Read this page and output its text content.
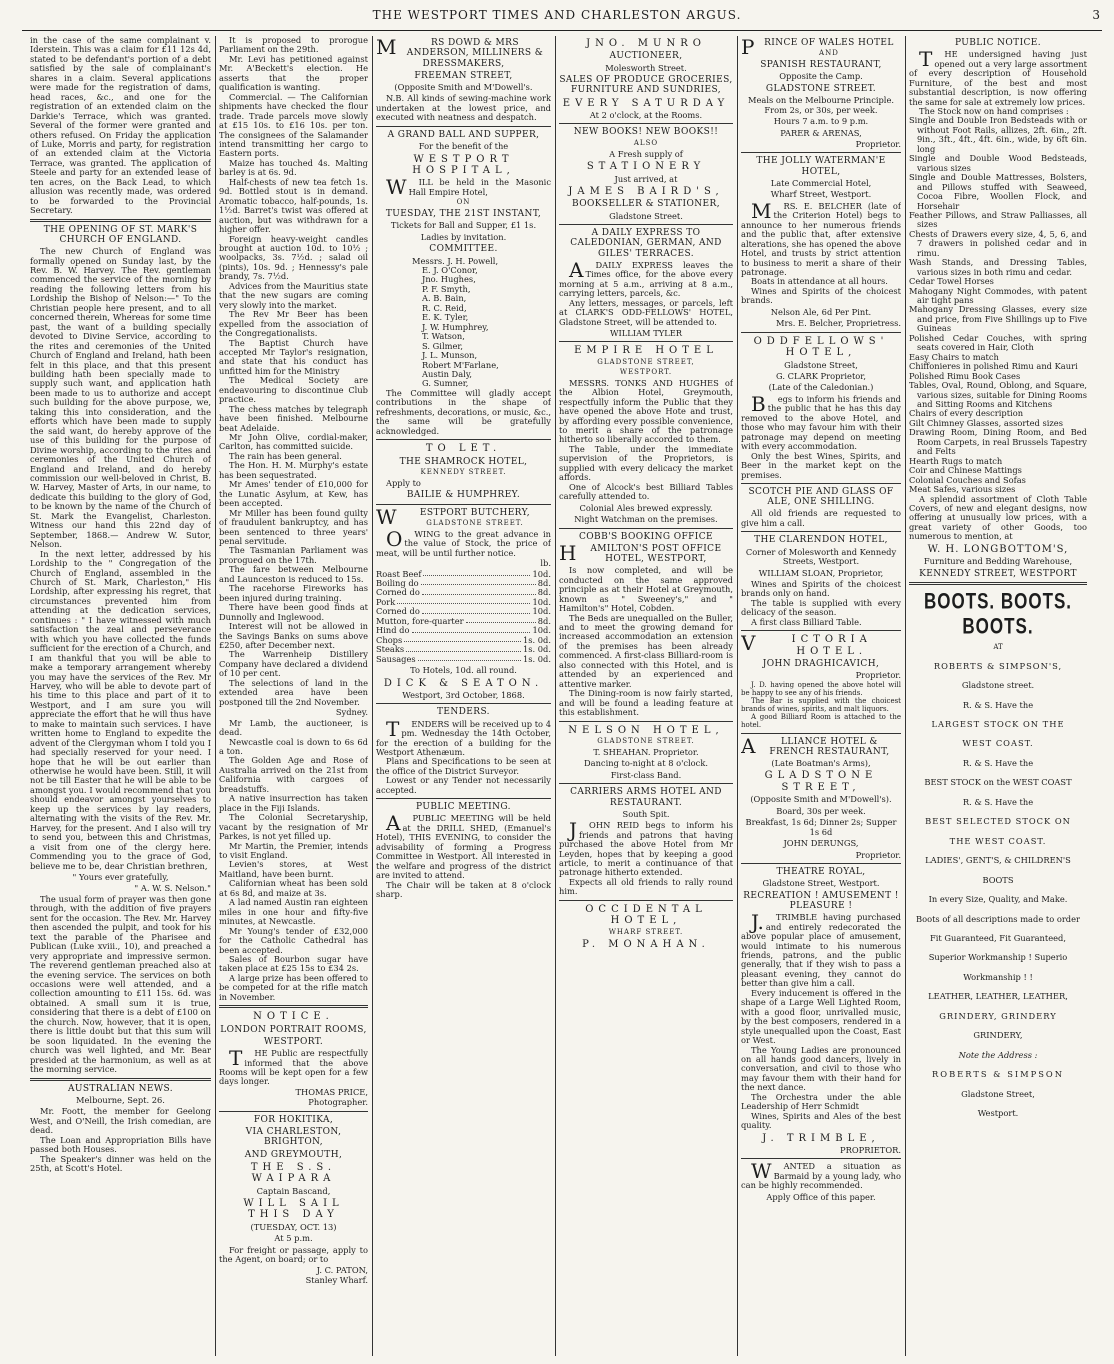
THE WESTPORT TIMES AND CHARLESTON ARGUS.	3

in the case of the same complainant v. Iderstein. This was a claim for £11 12s 4d, stated to be defendant's portion of a debt satisfied by the sale of complainant's shares in a claim. Several applications were made for the registration of dams, head races, &c., and one for the registration of an extended claim on the Darkie's Terrace, which was granted. Several of the former were granted and others refused. On Friday the application of Luke, Morris and party, for registration of an extended claim at the Victoria Terrace, was granted. The application of Steele and party for an extended lease of ten acres, on the Back Lead, to which allusion was recently made, was ordered to be forwarded to the Provincial Secretary.

THE OPENING OF ST. MARK'S CHURCH OF ENGLAND.

The new Church of England was formally opened on Sunday last, by the Rev. B. W. Harvey. The Rev. gentleman commenced the service of the morning by reading the following letters from his Lordship the Bishop of Nelson:—" To the Christian people here present, and to all concerned therein, Whereas for some time past, the want of a building specially devoted to Divine Service, according to the rites and ceremonies of the United Church of England and Ireland, hath been felt in this place, and that this present building hath been specially made to supply such want, and application hath been made to us to authorize and accept such building for the above purpose, we, taking this into consideration, and the efforts which have been made to supply the said want, do hereby approve of the use of this building for the purpose of Divine worship, according to the rites and ceremonies of the United Church of England and Ireland, and do hereby commission our well-beloved in Christ, B. W. Harvey, Master of Arts, in our name, to dedicate this building to the glory of God, to be known by the name of the Church of St. Mark the Evangelist, Charleston. Witness our hand this 22nd day of September, 1868.— Andrew W. Sutor, Nelson.

In the next letter, addressed by his Lordship to the " Congregation of the Church of England, assembled in the Church of St. Mark, Charleston," His Lordship, after expressing his regret, that circumstances prevented him from attending at the dedication services, continues : " I have witnessed with much satisfaction the zeal and perseverance with which you have collected the funds sufficient for the erection of a Church, and I am thankful that you will be able to make a temporary arrangement whereby you may have the services of the Rev. Mr Harvey, who will be able to devote part of his time to this place and part of it to Westport, and I am sure you will appreciate the effort that he will thus have to make to maintain such services. I have written home to England to expedite the advent of the Clergyman whom I told you I had specially reserved for your need. I hope that he will be out earlier than otherwise he would have been. Still, it will not be till Easter that he will be able to be amongst you. I would recommend that you should endeavor amongst yourselves to keep up the services by lay readers, alternating with the visits of the Rev. Mr. Harvey, for the present. And I also will try to send you, between this and Christmas, a visit from one of the clergy here. Commending you to the grace of God, believe me to be, dear Christian brethren,

" Yours ever gratefully,
" A. W. S. Nelson."

The usual form of prayer was then gone through, with the addition of five prayers sent for the occasion. The Rev. Mr. Harvey then ascended the pulpit, and took for his text the parable of the Pharisee and Publican (Luke xviii., 10), and preached a very appropriate and impressive sermon. The reverend gentleman preached also at the evening service. The services on both occasions were well attended, and a collection amounting to £11 15s. 6d. was obtained. A small sum it is true, considering that there is a debt of £100 on the church. Now, however, that it is open, there is little doubt but that this sum will be soon liquidated. In the evening the church was well lighted, and Mr. Bear presided at the harmonium, as well as at the morning service.

AUSTRALIAN NEWS.
Melbourne, Sept. 26.

Mr. Foott, the member for Geelong West, and O'Neill, the Irish comedian, are dead.

The Loan and Appropriation Bills have passed both Houses.

The Speaker's dinner was held on the 25th, at Scott's Hotel.

It is proposed to prorogue Parliament on the 29th.

Mr. Levi has petitioned against Mr. A'Beckett's election. He asserts that the proper qualification is wanting.

Commercial. — The Californian shipments have checked the flour trade. Trade parcels move slowly at £15 10s. to £16 10s. per ton. The consignees of the Salamander intend transmitting her cargo to Eastern ports.

Maize has touched 4s. Malting barley is at 6s. 9d.

Half-chests of new tea fetch 1s. 9d. Bottled stout is in demand. Aromatic tobacco, half-pounds, 1s. 1½d. Barret's twist was offered at auction, but was withdrawn for a higher offer.

Foreign heavy-weight candles brought at auction 10d. to 10½ ; woolpacks, 3s. 7½d. ; salad oil (pints), 10s. 9d. ; Hennessy's pale brandy, 7s. 7½d.

Advices from the Mauritius state that the new sugars are coming very slowly into the market.

The Rev Mr Beer has been expelled from the association of the Congregationalists.

The Baptist Church have accepted Mr Taylor's resignation, and state that his conduct has unfitted him for the Ministry

The Medical Society are endeavouring to discontinue Club practice.

The chess matches by telegraph have been finished. Melbourne beat Adelaide.

Mr John Olive, cordial-maker, Carlton, has committed suicide.

The rain has been general.

The Hon. H. M. Murphy's estate has been sequestrated.

Mr Ames' tender of £10,000 for the Lunatic Asylum, at Kew, has been accepted.

Mr Miller has been found guilty of fraudulent bankruptcy, and has been sentenced to three years' penal servitude.

The Tasmanian Parliament was prorogued on the 17th.

The fare between Melbourne and Launceston is reduced to 15s.

The racehorse Fireworks has been injured during training.

There have been good finds at Dunnolly and Inglewood.

Interest will not be allowed in the Savings Banks on sums above £250, after December next.

The Warrenheip Distillery Company have declared a dividend of 10 per cent.

The selections of land in the extended area have been postponed till the 2nd November.

Sydney.

Mr Lamb, the auctioneer, is dead.

Newcastle coal is down to 6s 6d a ton.

The Golden Age and Rose of Australia arrived on the 21st from California with cargoes of breadstuffs.

A native insurrection has taken place in the Fiji Islands.

The Colonial Secretaryship, vacant by the resignation of Mr Parkes, is not yet filled up.

Mr Martin, the Premier, intends to visit England.

Levien's stores, at West Maitland, have been burnt.

Californian wheat has been sold at 6s 8d, and maize at 3s.

A lad named Austin ran eighteen miles in one hour and fifty-five minutes, at Newcastle.

Mr Young's tender of £32,000 for the Catholic Cathedral has been accepted.

Sales of Bourbon sugar have taken place at £25 15s to £34 2s.

A large prize has been offered to be competed for at the rifle match in November.

NOTICE.
LONDON PORTRAIT ROOMS,
WESTPORT.

THE Public are respectfully informed that the above Rooms will be kept open for a few days longer.

THOMAS PRICE,
Photographer.
FOR HOKITIKA,
VIA CHARLESTON, BRIGHTON,
AND GREYMOUTH,
THE S.S. WAIPARA
Captain Bascand,
WILL SAIL THIS DAY
(TUESDAY, OCT. 13)
At 5 p.m.

For freight or passage, apply to the Agent, on board; or to

J. C. PATON,
Stanley Wharf.
MRS DOWD & MRS ANDERSON, MILLINERS & DRESSMAKERS,
FREEMAN STREET,
(Opposite Smith and M'Dowell's.

N.B. All kinds of sewing-machine work undertaken at the lowest price, and executed with neatness and despatch.

A GRAND BALL AND SUPPER,
For the benefit of the
WESTPORT HOSPITAL,

WILL be held in the Masonic Hall Empire Hotel,

ON
TUESDAY, THE 21ST INSTANT,
Tickets for Ball and Supper, £1 1s.
Ladies by invitation.
COMMITTEE.
Messrs. J. H. Powell,
E. J. O'Conor,
Jno. Hughes,
P. F. Smyth,
A. B. Bain,
R. C. Reid,
E. K. Tyler,
J. W. Humphrey,
T. Watson,
S. Gilmer,
J. L. Munson,
Robert M'Farlane,
Austin Daly,
G. Sumner,

The Committee will gladly accept contributions in the shape of refreshments, decorations, or music, &c., the same will be gratefully acknowledged.

TO LET.
THE SHAMROCK HOTEL,
KENNEDY STREET.

Apply to

BAILIE & HUMPHREY.
WESTPORT BUTCHERY,
GLADSTONE STREET.

OWING to the great advance in the value of Stock, the price of meat, will be until further notice.

lb.
Roast Beef	10d.
Boiling do	8d.
Corned do	8d.
Pork	10d.
Corned do	10d.
Mutton, fore-quarter	8d.
Hind do	10d.
Chops	1s. 0d.
Steaks	1s. 0d.
Sausages	1s. 0d.
To Hotels, 10d. all round.
DICK & SEATON.
Westport, 3rd October, 1868.
TENDERS.

TENDERS will be received up to 4 pm. Wednesday the 14th October, for the erection of a building for the Westport Athenæum.

Plans and Specifications to be seen at the office of the District Surveyor.

Lowest or any Tender not necessarily accepted.

PUBLIC MEETING.

APUBLIC MEETING will be held at the DRILL SHED, (Emanuel's Hotel), THIS EVENING, to consider the advisability of forming a Progress Committee in Westport. All interested in the welfare and progress of the district are invited to attend.

The Chair will be taken at 8 o'clock sharp.

JNO. MUNRO
AUCTIONEER,
Molesworth Street.
SALES OF PRODUCE GROCERIES, FURNITURE AND SUNDRIES,
EVERY SATURDAY
At 2 o'clock, at the Rooms.
NEW BOOKS! NEW BOOKS!!
ALSO
A Fresh supply of
STATIONERY
Just arrived, at
JAMES BAIRD'S,
BOOKSELLER & STATIONER,
Gladstone Street.
A DAILY EXPRESS TO CALEDONIAN, GERMAN, AND GILES' TERRACES.

ADAILY EXPRESS leaves the Times office, for the above every morning at 5 a.m., arriving at 8 a.m., carrying letters, parcels, &c.

Any letters, messages, or parcels, left at CLARK'S ODD-FELLOWS' HOTEL, Gladstone Street, will be attended to.

WILLIAM TYLER
EMPIRE HOTEL
GLADSTONE STREET,
WESTPORT.

MESSRS. TONKS AND HUGHES of the Albion Hotel, Greymouth, respectfully inform the Public that they have opened the above Hote and trust, by affording every possible convenience, to merit a share of the patronage hitherto so liberally accorded to them.

The Table, under the immediate supervision of the Proprietors, is supplied with every delicacy the market affords.

One of Alcock's best Billiard Tables carefully attended to.

Colonial Ales brewed expressly.
Night Watchman on the premises.
COBB'S BOOKING OFFICE
HAMILTON'S POST OFFICE HOTEL, WESTPORT,

Is now completed, and will be conducted on the same approved principle as at their Hotel at Greymouth, known as " Sweeney's," and " Hamilton's" Hotel, Cobden.

The Beds are unequalled on the Buller, and to meet the growing demand for increased accommodation an extension of the premises has been already commenced. A first-class Billiard-room is also connected with this Hotel, and is attended by an experienced and attentive marker.

The Dining-room is now fairly started, and will be found a leading feature at this establishment.

NELSON HOTEL,
GLADSTONE STREET.
T. SHEAHAN. Proprietor.
Dancing to-night at 8 o'clock.
First-class Band.
CARRIERS ARMS HOTEL AND RESTAURANT.
South Spit.

JOHN REID begs to inform his friends and patrons that having purchased the above Hotel from Mr Leyden, hopes that by keeping a good article, to merit a continuance of that patronage hitherto extended.

Expects all old friends to rally round him.

OCCIDENTAL HOTEL,
WHARF STREET.
P. MONAHAN.
PRINCE OF WALES HOTEL
AND
SPANISH RESTAURANT,
Opposite the Camp.
GLADSTONE STREET.
Meals on the Melbourne Principle. From 2s, or 30s, per week.
Hours 7 a.m. to 9 p.m.
PARER & ARENAS,
Proprietor.
THE JOLLY WATERMAN'E HOTEL,
Late Commercial Hotel,
Wharf Street, Westport.

MRS. E. BELCHER (late of the Criterion Hotel) begs to announce to her numerous friends and the public that, after extensive alterations, she has opened the above Hotel, and trusts by strict attention to business to merit a share of their patronage.

Boats in attendance at all hours.

Wines and Spirits of the choicest brands.

Nelson Ale, 6d Per Pint.
Mrs. E. Belcher, Proprietress.
ODDFELLOWS' HOTEL,
Gladstone Street,
G. CLARK Proprietor,
(Late of the Caledonian.)

Begs to inform his friends and the public that he has this day removed to the above Hotel, and those who may favour him with their patronage may depend on meeting with every accommodation.

Only the best Wines, Spirits, and Beer in the market kept on the premises.

SCOTCH PIE AND GLASS OF ALE, ONE SHILLING.

All old friends are requested to give him a call.

THE CLARENDON HOTEL,
Corner of Molesworth and Kennedy Streets, Westport.
WILLIAM SLOAN, Proprietor,

Wines and Spirits of the choicest brands only on hand.

The table is supplied with every delicacy of the season.

A first class Billiard Table.

VICTORIA HOTEL.
JOHN DRAGHICAVICH,
Proprietor.

J. D. having opened the above hotel will be happy to see any of his friends.

The Bar is supplied with the choicest brands of wines, spirits, and malt liquors.

A good Billiard Room is attached to the hotel.

ALLIANCE HOTEL & FRENCH RESTAURANT,
(Late Boatman's Arms),
GLADSTONE STREET,
(Opposite Smith and M'Dowell's).
Board, 30s per week.
Breakfast, 1s 6d; Dinner 2s; Supper 1s 6d
JOHN DERUNGS,
Proprietor.
THEATRE ROYAL,
Gladstone Street, Westport.
RECREATION ! AMUSEMENT ! PLEASURE !

J.TRIMBLE having purchased and entirely redecorated the above popular place of amusement, would intimate to his numerous friends, patrons, and the public generally, that if they wish to pass a pleasant evening, they cannot do better than give him a call.

Every inducement is offered in the shape of a Large Well Lighted Room, with a good floor, unrivalled music, by the best composers, rendered in a style unequalled upon the Coast, East or West.

The Young Ladies are pronounced on all hands good dancers, lively in conversation, and civil to those who may favour them with their hand for the next dance.

The Orchestra under the able Leadership of Herr Schmidt

Wines, Spirits and Ales of the best quality.

J. TRIMBLE,
PROPRIETOR.

WANTED a situation as Barmaid by a young lady, who can be highly recommended.

Apply Office of this paper.
PUBLIC NOTICE.

THE undersigned having just opened out a very large assortment of every description of Household Furniture, of the best and most substantial description, is now offering the same for sale at extremely low prices.

The Stock now on hand comprises :

Single and Double Iron Bedsteads with or without Foot Rails, allizes, 2ft. 6in., 2ft. 9in., 3ft., 4ft., 4ft. 6in., wide, by 6ft 6in. long

Single and Double Wood Bedsteads, various sizes

Single and Double Mattresses, Bolsters, and Pillows stuffed with Seaweed, Cocoa Fibre, Woollen Flock, and Horsehair

Feather Pillows, and Straw Palliasses, all sizes

Chests of Drawers every size, 4, 5, 6, and 7 drawers in polished cedar and in rimu.

Wash Stands, and Dressing Tables, various sizes in both rimu and cedar.

Cedar Towel Horses

Mahogany Night Commodes, with patent air tight pans

Mahogany Dressing Glasses, every size and price, from Five Shillings up to Five Guineas

Polished Cedar Couches, with spring seats covered in Hair, Cloth

Easy Chairs to match

Chiffonieres in polished Rimu and Kauri

Polished Rimu Book Cases

Tables, Oval, Round, Oblong, and Square, various sizes, suitable for Dining Rooms and Sitting Rooms and Kitchens

Chairs of every description

Gilt Chimney Glasses, assorted sizes

Drawing Room, Dining Room, and Bed Room Carpets, in real Brussels Tapestry and Felts

Hearth Rugs to match

Coir and Chinese Mattings

Colonial Couches and Sofas

Meat Safes, various sizes

A splendid assortment of Cloth Table Covers, of new and elegant designs, now offering at unusually low prices, with a great variety of other Goods, too numerous to mention, at

W. H. LONGBOTTOM'S,
Furniture and Bedding Warehouse,
KENNEDY STREET, WESTPORT
BOOTS. BOOTS. BOOTS.

AT

ROBERTS & SIMPSON'S,

Gladstone street.

R. & S. Have the

LARGEST STOCK ON THE

WEST COAST.

R. & S. Have the

BEST STOCK on the WEST COAST

R. & S. Have the

BEST SELECTED STOCK ON

THE WEST COAST.

LADIES', GENT'S, & CHILDREN'S

BOOTS

In every Size, Quality, and Make.

Boots of all descriptions made to order

Fit Guaranteed, Fit Guaranteed,

Superior Workmanship ! Superio

Workmanship ! !

LEATHER, LEATHER, LEATHER,

GRINDERY, GRINDERY

GRINDERY,

Note the Address :

ROBERTS & SIMPSON

Gladstone Street,

Westport.
